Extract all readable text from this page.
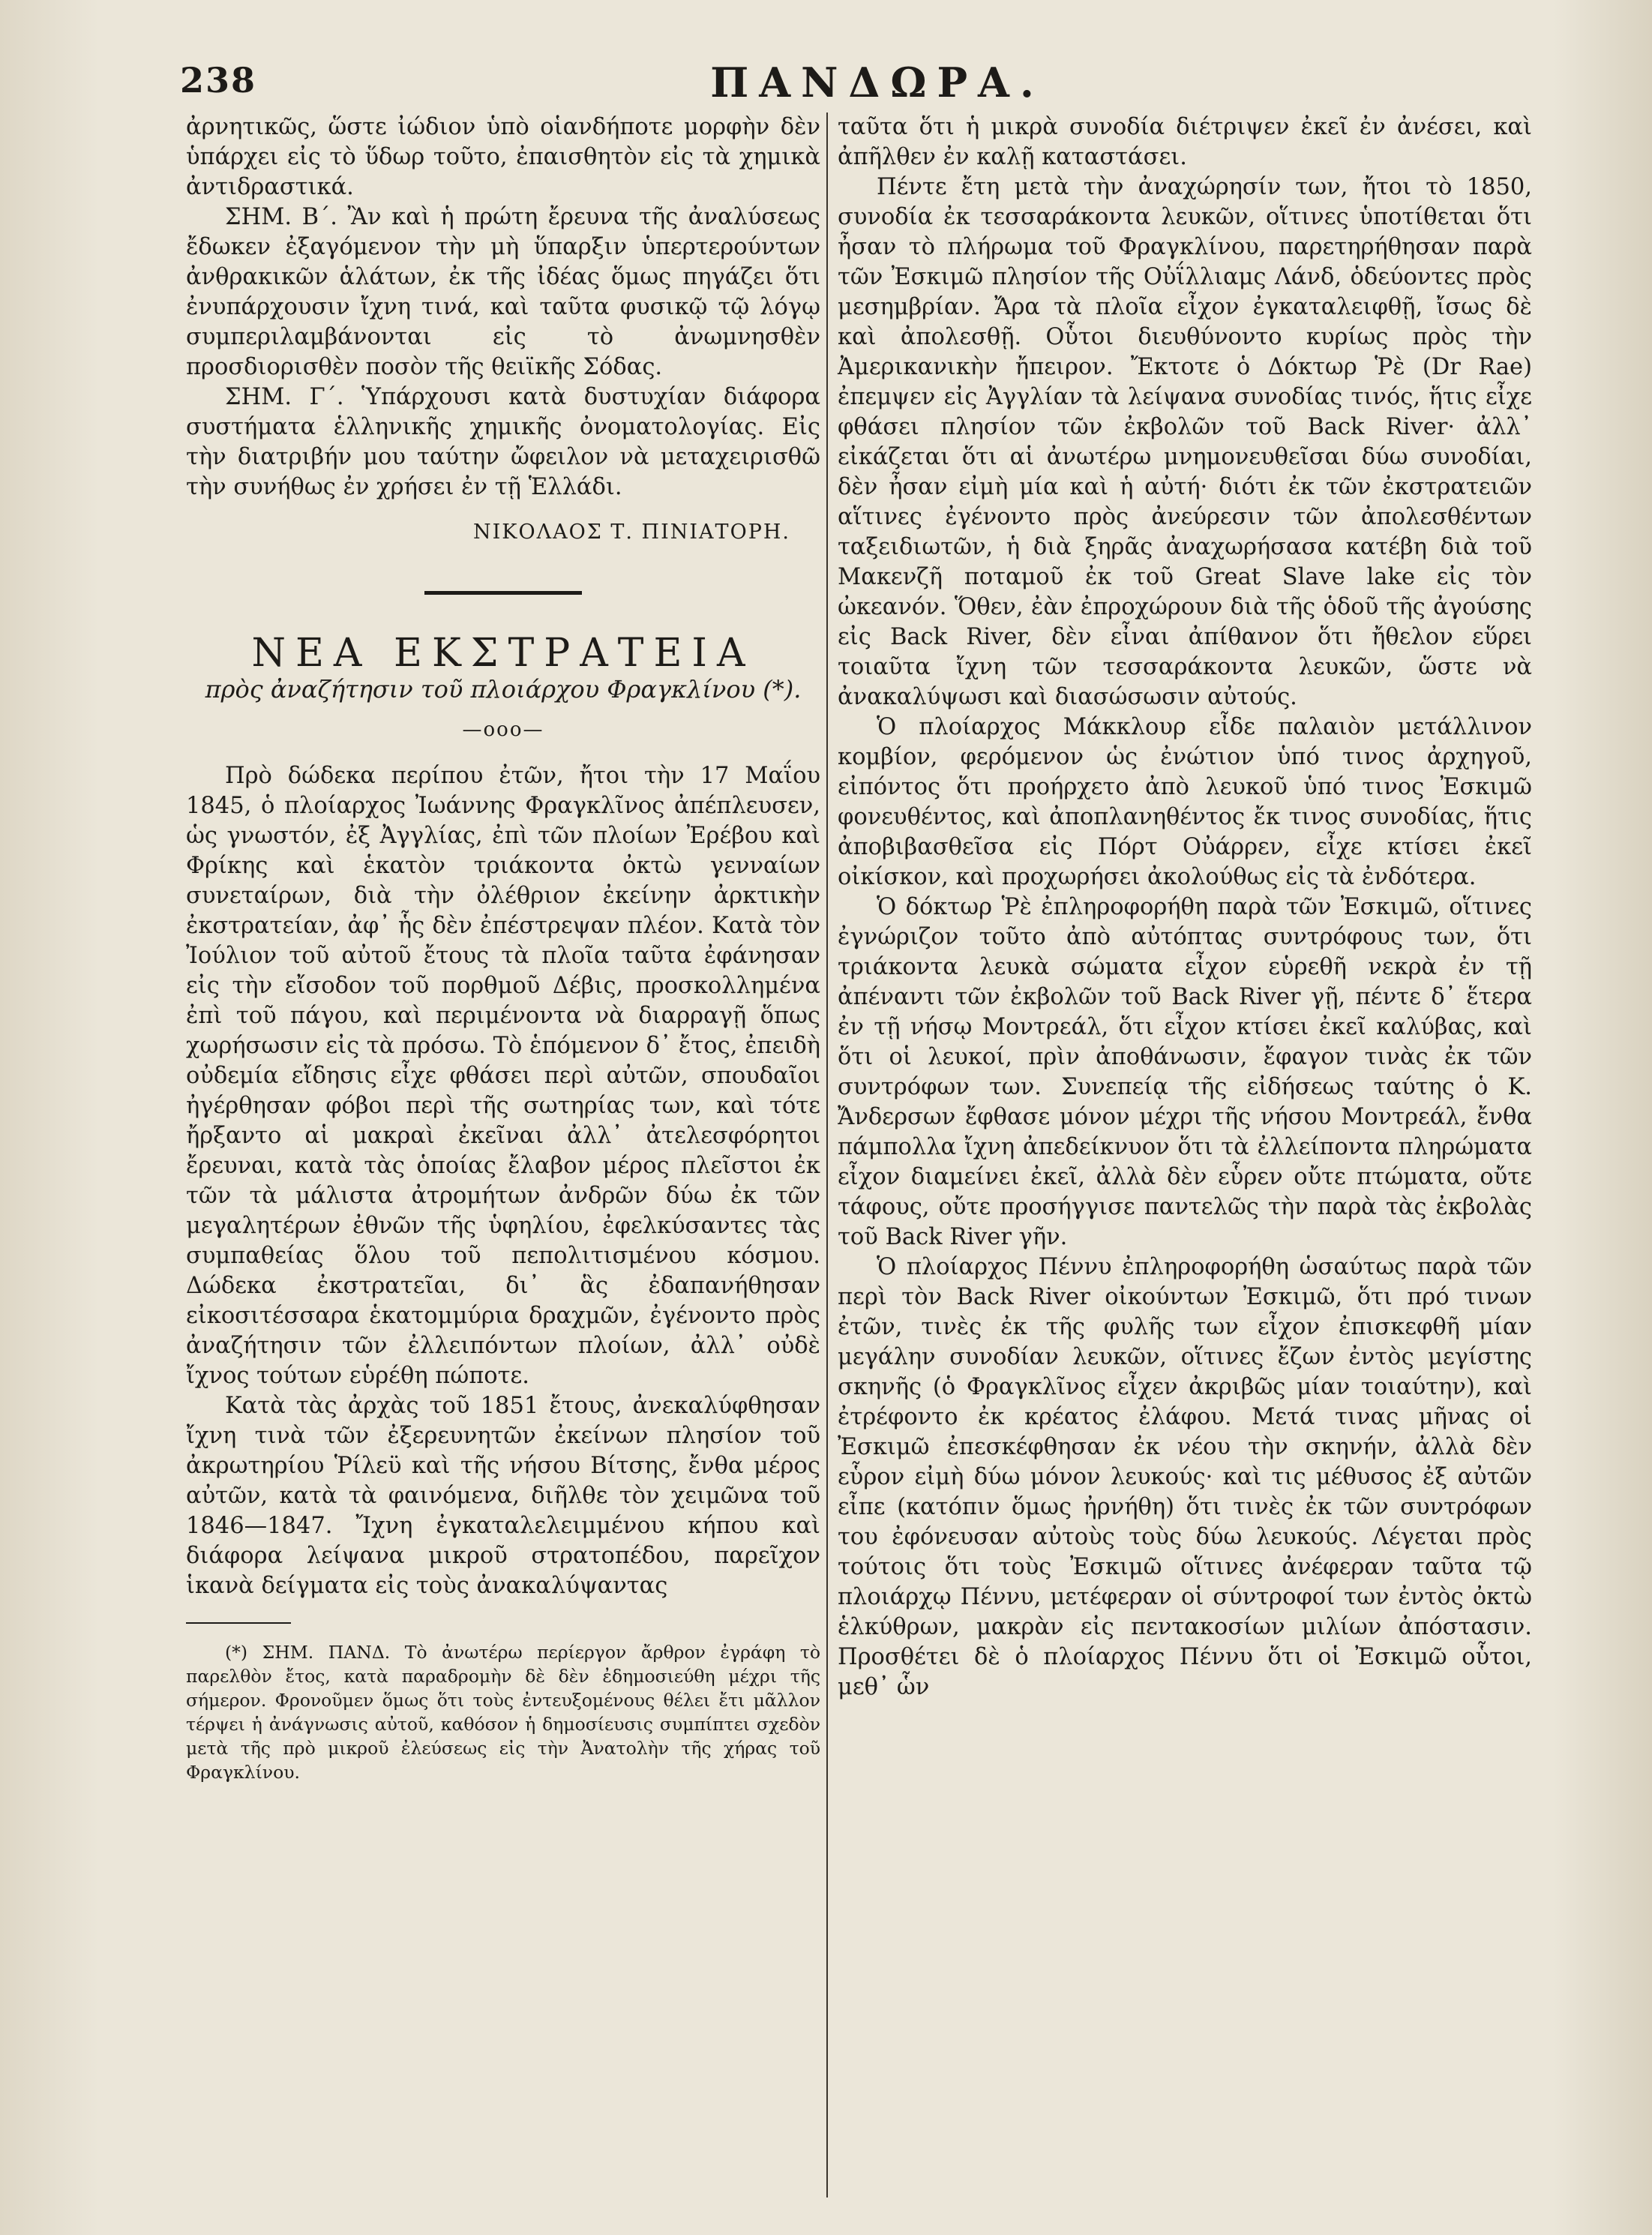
238	ΠΑΝΔΩΡΑ.

ἀρνητικῶς, ὥστε ἰώδιον ὑπὸ οἱανδήποτε μορφὴν δὲν ὑπάρχει εἰς τὸ ὕδωρ τοῦτο, ἐπαισθητὸν εἰς τὰ χημικὰ ἀντιδραστικά.

ΣΗΜ. Β΄. Ἂν καὶ ἡ πρώτη ἔρευνα τῆς ἀναλύσεως ἔδωκεν ἐξαγόμενον τὴν μὴ ὕπαρξιν ὑπερτερούντων ἀνθρακικῶν ἁλάτων, ἐκ τῆς ἰδέας ὅμως πηγάζει ὅτι ἐνυπάρχουσιν ἴχνη τινά, καὶ ταῦτα φυσικῷ τῷ λόγῳ συμπεριλαμβάνονται εἰς τὸ ἀνωμνησθὲν προσδιορισθὲν ποσὸν τῆς θειϊκῆς Σόδας.

ΣΗΜ. Γ΄. Ὑπάρχουσι κατὰ δυστυχίαν διάφορα συστήματα ἑλληνικῆς χημικῆς ὀνοματολογίας. Εἰς τὴν διατριβήν μου ταύτην ὤφειλον νὰ μεταχειρισθῶ τὴν συνήθως ἐν χρήσει ἐν τῇ Ἑλλάδι.

ΝΙΚΟΛΑΟΣ Τ. ΠΙΝΙΑΤΟΡΗ.

ΝΕΑ ΕΚΣΤΡΑΤΕΙΑ

πρὸς ἀναζήτησιν τοῦ πλοιάρχου Φραγκλίνου (*).

—ooo—

Πρὸ δώδεκα περίπου ἐτῶν, ἤτοι τὴν 17 Μαΐου 1845, ὁ πλοίαρχος Ἰωάννης Φραγκλῖνος ἀπέπλευσεν, ὡς γνωστόν, ἐξ Ἀγγλίας, ἐπὶ τῶν πλοίων Ἐρέβου καὶ Φρίκης καὶ ἑκατὸν τριάκοντα ὀκτὼ γενναίων συνεταίρων, διὰ τὴν ὀλέθριον ἐκείνην ἀρκτικὴν ἐκστρατείαν, ἀφ᾽ ἧς δὲν ἐπέστρεψαν πλέον. Κατὰ τὸν Ἰούλιον τοῦ αὐτοῦ ἔτους τὰ πλοῖα ταῦτα ἐφάνησαν εἰς τὴν εἴσοδον τοῦ πορθμοῦ Δέβις, προσκολλημένα ἐπὶ τοῦ πάγου, καὶ περιμένοντα νὰ διαρραγῇ ὅπως χωρήσωσιν εἰς τὰ πρόσω. Τὸ ἑπόμενον δ᾽ ἔτος, ἐπειδὴ οὐδεμία εἴδησις εἶχε φθάσει περὶ αὐτῶν, σπουδαῖοι ἠγέρθησαν φόβοι περὶ τῆς σωτηρίας των, καὶ τότε ἤρξαντο αἱ μακραὶ ἐκεῖναι ἀλλ᾽ ἀτελεσφόρητοι ἔρευναι, κατὰ τὰς ὁποίας ἔλαβον μέρος πλεῖστοι ἐκ τῶν τὰ μάλιστα ἀτρομήτων ἀνδρῶν δύω ἐκ τῶν μεγαλητέρων ἐθνῶν τῆς ὑφηλίου, ἐφελκύσαντες τὰς συμπαθείας ὅλου τοῦ πεπολιτισμένου κόσμου. Δώδεκα ἐκστρατεῖαι, δι᾽ ἃς ἐδαπανήθησαν εἰκοσιτέσσαρα ἑκατομμύρια δραχμῶν, ἐγένοντο πρὸς ἀναζήτησιν τῶν ἐλλειπόντων πλοίων, ἀλλ᾽ οὐδὲ ἴχνος τούτων εὑρέθη πώποτε.

Κατὰ τὰς ἀρχὰς τοῦ 1851 ἔτους, ἀνεκαλύφθησαν ἴχνη τινὰ τῶν ἐξερευνητῶν ἐκείνων πλησίον τοῦ ἀκρωτηρίου Ῥίλεϋ καὶ τῆς νήσου Βίτσης, ἔνθα μέρος αὐτῶν, κατὰ τὰ φαινόμενα, διῆλθε τὸν χειμῶνα τοῦ 1846—1847. Ἴχνη ἐγκαταλελειμμένου κήπου καὶ διάφορα λείψανα μικροῦ στρατοπέδου, παρεῖχον ἱκανὰ δείγματα εἰς τοὺς ἀνακαλύψαντας

(*) ΣΗΜ. ΠΑΝΔ. Τὸ ἀνωτέρω περίεργον ἄρθρον ἐγράφη τὸ παρελθὸν ἔτος, κατὰ παραδρομὴν δὲ δὲν ἐδημοσιεύθη μέχρι τῆς σήμερον. Φρονοῦμεν ὅμως ὅτι τοὺς ἐντευξομένους θέλει ἔτι μᾶλλον τέρψει ἡ ἀνάγνωσις αὐτοῦ, καθόσον ἡ δημοσίευσις συμπίπτει σχεδὸν μετὰ τῆς πρὸ μικροῦ ἐλεύσεως εἰς τὴν Ἀνατολὴν τῆς χήρας τοῦ Φραγκλίνου.

ταῦτα ὅτι ἡ μικρὰ συνοδία διέτριψεν ἐκεῖ ἐν ἀνέσει, καὶ ἀπῆλθεν ἐν καλῇ καταστάσει.

Πέντε ἔτη μετὰ τὴν ἀναχώρησίν των, ἤτοι τὸ 1850, συνοδία ἐκ τεσσαράκοντα λευκῶν, οἵτινες ὑποτίθεται ὅτι ἦσαν τὸ πλήρωμα τοῦ Φραγκλίνου, παρετηρήθησαν παρὰ τῶν Ἐσκιμῶ πλησίον τῆς Οὐΐλλιαμς Λάνδ, ὁδεύοντες πρὸς μεσημβρίαν. Ἄρα τὰ πλοῖα εἶχον ἐγκαταλειφθῇ, ἴσως δὲ καὶ ἀπολεσθῇ. Οὗτοι διευθύνοντο κυρίως πρὸς τὴν Ἀμερικανικὴν ἤπειρον. Ἔκτοτε ὁ Δόκτωρ Ῥὲ (Dr Rae) ἐπεμψεν εἰς Ἀγγλίαν τὰ λείψανα συνοδίας τινός, ἥτις εἶχε φθάσει πλησίον τῶν ἐκβολῶν τοῦ Back River· ἀλλ᾽ εἰκάζεται ὅτι αἱ ἀνωτέρω μνημονευθεῖσαι δύω συνοδίαι, δὲν ἦσαν εἰμὴ μία καὶ ἡ αὐτή· διότι ἐκ τῶν ἐκστρατειῶν αἵτινες ἐγένοντο πρὸς ἀνεύρεσιν τῶν ἀπολεσθέντων ταξειδιωτῶν, ἡ διὰ ξηρᾶς ἀναχωρήσασα κατέβη διὰ τοῦ Μακενζῆ ποταμοῦ ἐκ τοῦ Great Slave lake εἰς τὸν ὠκεανόν. Ὅθεν, ἐὰν ἐπροχώρουν διὰ τῆς ὁδοῦ τῆς ἀγούσης εἰς Back River, δὲν εἶναι ἀπίθανον ὅτι ἤθελον εὕρει τοιαῦτα ἴχνη τῶν τεσσαράκοντα λευκῶν, ὥστε νὰ ἀνακαλύψωσι καὶ διασώσωσιν αὐτούς.

Ὁ πλοίαρχος Μάκκλουρ εἶδε παλαιὸν μετάλλινον κομβίον, φερόμενον ὡς ἐνώτιον ὑπό τινος ἀρχηγοῦ, εἰπόντος ὅτι προήρχετο ἀπὸ λευκοῦ ὑπό τινος Ἐσκιμῶ φονευθέντος, καὶ ἀποπλανηθέντος ἔκ τινος συνοδίας, ἥτις ἀποβιβασθεῖσα εἰς Πόρτ Οὐάρρεν, εἶχε κτίσει ἐκεῖ οἰκίσκον, καὶ προχωρήσει ἀκολούθως εἰς τὰ ἐνδότερα.

Ὁ δόκτωρ Ῥὲ ἐπληροφορήθη παρὰ τῶν Ἐσκιμῶ, οἵτινες ἐγνώριζον τοῦτο ἀπὸ αὐτόπτας συντρόφους των, ὅτι τριάκοντα λευκὰ σώματα εἶχον εὑρεθῆ νεκρὰ ἐν τῇ ἀπέναντι τῶν ἐκβολῶν τοῦ Back River γῇ, πέντε δ᾽ ἕτερα ἐν τῇ νήσῳ Μοντρεάλ, ὅτι εἶχον κτίσει ἐκεῖ καλύβας, καὶ ὅτι οἱ λευκοί, πρὶν ἀποθάνωσιν, ἔφαγον τινὰς ἐκ τῶν συντρόφων των. Συνεπείᾳ τῆς εἰδήσεως ταύτης ὁ Κ. Ἄνδερσων ἔφθασε μόνον μέχρι τῆς νήσου Μοντρεάλ, ἔνθα πάμπολλα ἴχνη ἀπεδείκνυον ὅτι τὰ ἐλλείποντα πληρώματα εἶχον διαμείνει ἐκεῖ, ἀλλὰ δὲν εὗρεν οὔτε πτώματα, οὔτε τάφους, οὔτε προσήγγισε παντελῶς τὴν παρὰ τὰς ἐκβολὰς τοῦ Back River γῆν.

Ὁ πλοίαρχος Πέννυ ἐπληροφορήθη ὡσαύτως παρὰ τῶν περὶ τὸν Back River οἰκούντων Ἐσκιμῶ, ὅτι πρό τινων ἐτῶν, τινὲς ἐκ τῆς φυλῆς των εἶχον ἐπισκεφθῆ μίαν μεγάλην συνοδίαν λευκῶν, οἵτινες ἔζων ἐντὸς μεγίστης σκηνῆς (ὁ Φραγκλῖνος εἶχεν ἀκριβῶς μίαν τοιαύτην), καὶ ἐτρέφοντο ἐκ κρέατος ἐλάφου. Μετά τινας μῆνας οἱ Ἐσκιμῶ ἐπεσκέφθησαν ἐκ νέου τὴν σκηνήν, ἀλλὰ δὲν εὗρον εἰμὴ δύω μόνον λευκούς· καὶ τις μέθυσος ἐξ αὐτῶν εἶπε (κατόπιν ὅμως ἠρνήθη) ὅτι τινὲς ἐκ τῶν συντρόφων του ἐφόνευσαν αὐτοὺς τοὺς δύω λευκούς. Λέγεται πρὸς τούτοις ὅτι τοὺς Ἐσκιμῶ οἵτινες ἀνέφεραν ταῦτα τῷ πλοιάρχῳ Πέννυ, μετέφεραν οἱ σύντροφοί των ἐντὸς ὀκτὼ ἑλκύθρων, μακρὰν εἰς πεντακοσίων μιλίων ἀπόστασιν. Προσθέτει δὲ ὁ πλοίαρχος Πέννυ ὅτι οἱ Ἐσκιμῶ οὗτοι, μεθ᾽ ὧν
